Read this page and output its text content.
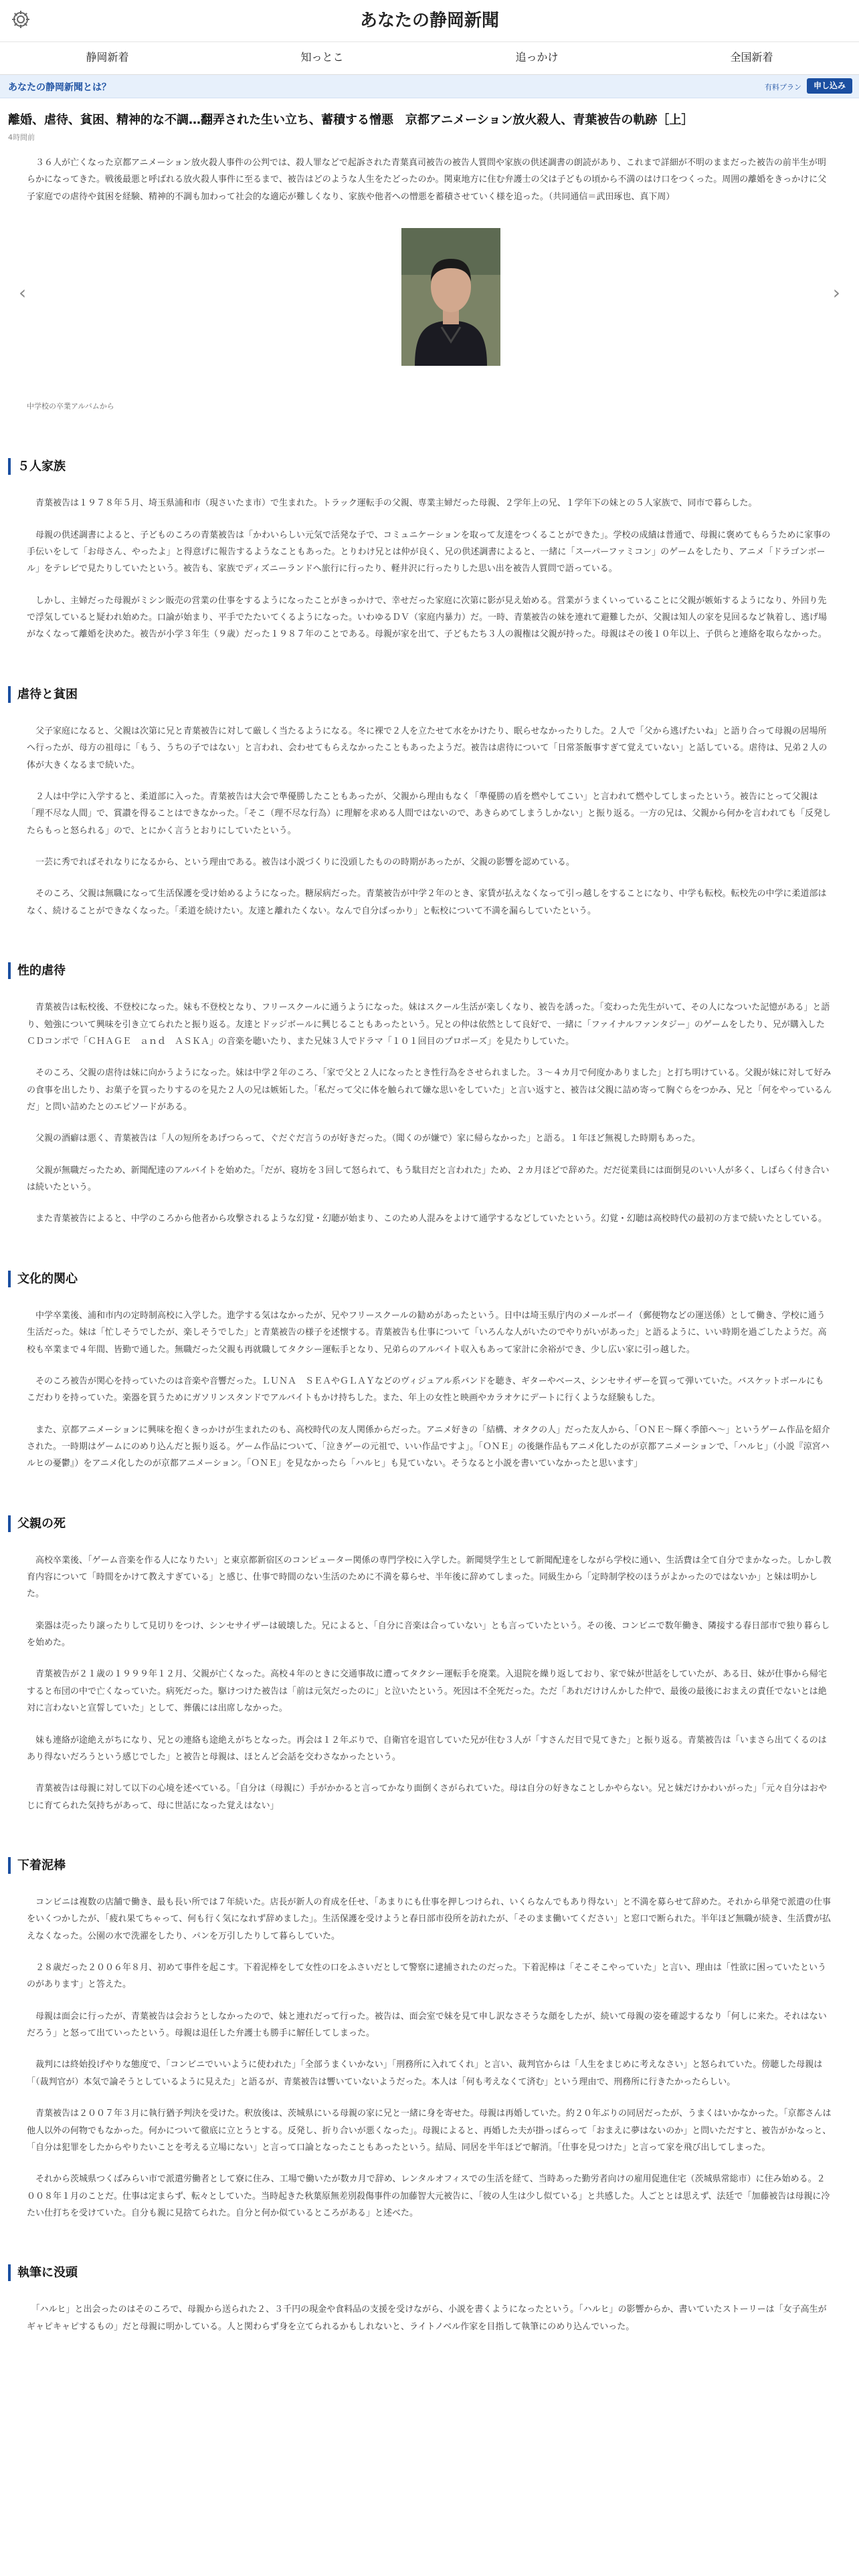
あなたの静岡新聞
静岡新着	知っとこ	追っかけ	全国新着
あなたの静岡新聞とは？	有料プラン	申し込み
離婚、虐待、貧困、精神的な不調…翻弄された生い立ち、蓄積する憎悪　京都アニメーション放火殺人、青葉被告の軌跡［上］
4時間前
　３６人が亡くなった京都アニメーション放火殺人事件の公判では、殺人罪などで起訴された青葉真司被告の被告人質問や家族の供述調書の朗読があり、これまで詳細が不明のままだった被告の前半生が明らかになってきた。戦後最悪と呼ばれる放火殺人事件に至るまで、被告はどのような人生をたどったのか。関東地方に住む弁護士の父は子どもの頃から不満のはけ口をつくった。周囲の離婚をきっかけに父子家庭での虐待や貧困を経験、精神的不調も加わって社会的な適応が難しくなり、家族や他者への憎悪を蓄積させていく様を追った。（共同通信＝武田琢也、真下周）
‹	›
中学校の卒業アルバムから
５人家族
　青葉被告は１９７８年５月、埼玉県浦和市（現さいたま市）で生まれた。トラック運転手の父親、専業主婦だった母親、２学年上の兄、１学年下の妹との５人家族で、同市で暮らした。
　母親の供述調書によると、子どものころの青葉被告は「かわいらしい元気で活発な子で、コミュニケーションを取って友達をつくることができた」。学校の成績は普通で、母親に褒めてもらうために家事の手伝いをして「お母さん、やったよ」と得意げに報告するようなこともあった。とりわけ兄とは仲が良く、兄の供述調書によると、一緒に「スーパーファミコン」のゲームをしたり、アニメ「ドラゴンボール」をテレビで見たりしていたという。被告も、家族でディズニーランドへ旅行に行ったり、軽井沢に行ったりした思い出を被告人質問で語っている。
　しかし、主婦だった母親がミシン販売の営業の仕事をするようになったことがきっかけで、幸せだった家庭に次第に影が見え始める。営業がうまくいっていることに父親が嫉妬するようになり、外回り先で浮気していると疑われ始めた。口論が始まり、平手でたたいてくるようになった。いわゆるＤＶ（家庭内暴力）だ。一時、青葉被告の妹を連れて避難したが、父親は知人の家を見回るなど執着し、逃げ場がなくなって離婚を決めた。被告が小学３年生（９歳）だった１９８７年のことである。母親が家を出て、子どもたち３人の親権は父親が持った。母親はその後１０年以上、子供らと連絡を取らなかった。
虐待と貧困
　父子家庭になると、父親は次第に兄と青葉被告に対して厳しく当たるようになる。冬に裸で２人を立たせて水をかけたり、眠らせなかったりした。２人で「父から逃げたいね」と語り合って母親の居場所へ行ったが、母方の祖母に「もう、うちの子ではない」と言われ、会わせてもらえなかったこともあったようだ。被告は虐待について「日常茶飯事すぎて覚えていない」と話している。虐待は、兄弟２人の体が大きくなるまで続いた。
　２人は中学に入学すると、柔道部に入った。青葉被告は大会で準優勝したこともあったが、父親から理由もなく「準優勝の盾を燃やしてこい」と言われて燃やしてしまったという。被告にとって父親は「理不尽な人間」で、賞讃を得ることはできなかった。「そこ（理不尽な行為）に理解を求める人間ではないので、あきらめてしまうしかない」と振り返る。一方の兄は、父親から何かを言われても「反発したらもっと怒られる」ので、とにかく言うとおりにしていたという。
　一芸に秀でればそれなりになるから、という理由である。被告は小説づくりに没頭したものの時期があったが、父親の影響を認めている。
　そのころ、父親は無職になって生活保護を受け始めるようになった。糖尿病だった。青葉被告が中学２年のとき、家賃が払えなくなって引っ越しをすることになり、中学も転校。転校先の中学に柔道部はなく、続けることができなくなった。「柔道を続けたい。友達と離れたくない。なんで自分ばっかり」と転校について不満を漏らしていたという。
性的虐待
　青葉被告は転校後、不登校になった。妹も不登校となり、フリースクールに通うようになった。妹はスクール生活が楽しくなり、被告を誘った。「変わった先生がいて、その人になついた記憶がある」と語り、勉強について興味を引き立てられたと振り返る。友達とドッジボールに興じることもあったという。兄との仲は依然として良好で、一緒に「ファイナルファンタジー」のゲームをしたり、兄が購入したＣＤコンポで「ＣＨＡＧＥ　ａｎｄ　ＡＳＫＡ」の音楽を聴いたり、また兄妹３人でドラマ「１０１回目のプロポーズ」を見たりしていた。
　そのころ、父親の虐待は妹に向かうようになった。妹は中学２年のころ、「家で父と２人になったとき性行為をさせられました。３〜４カ月で何度かありました」と打ち明けている。父親が妹に対して好みの食事を出したり、お菓子を買ったりするのを見た２人の兄は嫉妬した。「私だって父に体を触られて嫌な思いをしていた」と言い返すと、被告は父親に詰め寄って胸ぐらをつかみ、兄と「何をやっているんだ」と問い詰めたとのエピソードがある。
　父親の酒癖は悪く、青葉被告は「人の短所をあげつらって、ぐだぐだ言うのが好きだった。（聞くのが嫌で）家に帰らなかった」と語る。１年ほど無視した時期もあった。
　父親が無職だったため、新聞配達のアルバイトを始めた。「だが、寝坊を３回して怒られて、もう駄目だと言われた」ため、２カ月ほどで辞めた。だだ従業員には面倒見のいい人が多く、しばらく付き合いは続いたという。
　また青葉被告によると、中学のころから他者から攻撃されるような幻覚・幻聴が始まり、このため人混みをよけて通学するなどしていたという。幻覚・幻聴は高校時代の最初の方まで続いたとしている。
文化的関心
　中学卒業後、浦和市内の定時制高校に入学した。進学する気はなかったが、兄やフリースクールの勧めがあったという。日中は埼玉県庁内のメールボーイ（郵便物などの運送係）として働き、学校に通う生活だった。妹は「忙しそうでしたが、楽しそうでした」と青葉被告の様子を述懐する。青葉被告も仕事について「いろんな人がいたのでやりがいがあった」と語るように、いい時期を過ごしたようだ。高校も卒業まで４年間、皆勤で通した。無職だった父親も再就職してタクシー運転手となり、兄弟らのアルバイト収入もあって家計に余裕ができ、少し広い家に引っ越した。
　そのころ被告が関心を持っていたのは音楽や音響だった。ＬＵＮＡ　ＳＥＡやＧＬＡＹなどのヴィジュアル系バンドを聴き、ギターやベース、シンセサイザーを買って弾いていた。バスケットボールにもこだわりを持っていた。楽器を買うためにガソリンスタンドでアルバイトもかけ持ちした。また、年上の女性と映画やカラオケにデートに行くような経験もした。
　また、京都アニメーションに興味を抱くきっかけが生まれたのも、高校時代の友人関係からだった。アニメ好きの「結構、オタクの人」だった友人から、「ＯＮＥ〜輝く季節へ〜」というゲーム作品を紹介された。一時期はゲームにのめり込んだと振り返る。ゲーム作品について、「泣きゲーの元祖で、いい作品ですよ」。「ＯＮＥ」の後継作品もアニメ化したのが京都アニメーションで、「ハルヒ」（小説『涼宮ハルヒの憂鬱』）をアニメ化したのが京都アニメーション。「ＯＮＥ」を見なかったら「ハルヒ」も見ていない。そうなると小説を書いていなかったと思います」
父親の死
　高校卒業後、「ゲーム音楽を作る人になりたい」と東京都新宿区のコンピューター関係の専門学校に入学した。新聞奨学生として新聞配達をしながら学校に通い、生活費は全て自分でまかなった。しかし教育内容について「時間をかけて教えすぎている」と感じ、仕事で時間のない生活のために不満を募らせ、半年後に辞めてしまった。同級生から「定時制学校のほうがよかったのではないか」と妹は明かした。
　楽器は売ったり譲ったりして見切りをつけ、シンセサイザーは破壊した。兄によると、「自分に音楽は合っていない」とも言っていたという。その後、コンビニで数年働き、隣接する春日部市で独り暮らしを始めた。
　青葉被告が２１歳の１９９９年１２月、父親が亡くなった。高校４年のときに交通事故に遭ってタクシー運転手を廃業。入退院を繰り返しており、家で妹が世話をしていたが、ある日、妹が仕事から帰宅すると布団の中で亡くなっていた。病死だった。駆けつけた被告は「前は元気だったのに」と泣いたという。死因は不全死だった。ただ「あれだけけんかした仲で、最後の最後におまえの責任でないとは絶対に言わないと宣誓していた」として、葬儀には出席しなかった。
　妹も連絡が途絶えがちになり、兄との連絡も途絶えがちとなった。再会は１２年ぶりで、自衛官を退官していた兄が住む３人が「すさんだ目で見てきた」と振り返る。青葉被告は「いまさら出てくるのはあり得ないだろうという感じでした」と被告と母親は、ほとんど会話を交わさなかったという。
　青葉被告は母親に対して以下の心境を述べている。「自分は（母親に）手がかかると言ってかなり面倒くさがられていた。母は自分の好きなことしかやらない。兄と妹だけかわいがった」「元々自分はおやじに育てられた気持ちがあって、母に世話になった覚えはない」
下着泥棒
　コンビニは複数の店舗で働き、最も長い所では７年続いた。店長が新人の育成を任せ、「あまりにも仕事を押しつけられ、いくらなんでもあり得ない」と不満を募らせて辞めた。それから単発で派遣の仕事をいくつかしたが、「疲れ果てちゃって、何も行く気になれず辞めました」。生活保護を受けようと春日部市役所を訪れたが、「そのまま働いてください」と窓口で断られた。半年ほど無職が続き、生活費が払えなくなった。公園の水で洗濯をしたり、パンを万引したりして暮らしていた。
　２８歳だった２００６年８月、初めて事件を起こす。下着泥棒をして女性の口をふさいだとして警察に逮捕されたのだった。下着泥棒は「そこそこやっていた」と言い、理由は「性欲に困っていたというのがあります」と答えた。
　母親は面会に行ったが、青葉被告は会おうとしなかったので、妹と連れだって行った。被告は、面会室で妹を見て申し訳なさそうな顔をしたが、続いて母親の姿を確認するなり「何しに来た。それはないだろう」と怒って出ていったという。母親は退任した弁護士も勝手に解任してしまった。
　裁判には終始投げやりな態度で、「コンビニでいいように使われた」「全部うまくいかない」「刑務所に入れてくれ」と言い、裁判官からは「人生をまじめに考えなさい」と怒られていた。傍聴した母親は「（裁判官が）本気で論そうとしているように見えた」と語るが、青葉被告は響いていないようだった。本人は「何も考えなくて済む」という理由で、刑務所に行きたかったらしい。
　青葉被告は２００７年３月に執行猶予判決を受けた。釈放後は、茨城県にいる母親の家に兄と一緒に身を寄せた。母親は再婚していた。約２０年ぶりの同居だったが、うまくはいかなかった。「京都さんは他人以外の何物でもなかった。何かについて徹底に立とうとする。反発し、折り合いが悪くなった」。母親によると、再婚した夫が掛っぱらって「おまえに夢はないのか」と問いただすと、被告がかなっと、「自分は犯罪をしたからやりたいことを考える立場にない」と言って口論となったこともあったという。結局、同居を半年ほどで解消。「仕事を見つけた」と言って家を飛び出してしまった。
　それから茨城県つくばみらい市で派遣労働者として寮に住み、工場で働いたが数カ月で辞め、レンタルオフィスでの生活を経て、当時あった勤労者向けの雇用促進住宅（茨城県常総市）に住み始める。２００８年１月のことだ。仕事は定まらず、転々としていた。当時起きた秋葉原無差別殺傷事件の加藤智大元被告に、「彼の人生は少し似ている」と共感した。人ごととは思えず、法廷で「加藤被告は母親に冷たい仕打ちを受けていた。自分も親に見捨てられた。自分と何か似ているところがある」と述べた。
執筆に没頭
　「ハルヒ」と出会ったのはそのころで、母親から送られた２、３千円の現金や食料品の支援を受けながら、小説を書くようになったという。「ハルヒ」の影響からか、書いていたストーリーは「女子高生がギャピキャピするもの」だと母親に明かしている。人と関わらず身を立てられるかもしれないと、ライトノベル作家を目指して執筆にのめり込んでいった。
